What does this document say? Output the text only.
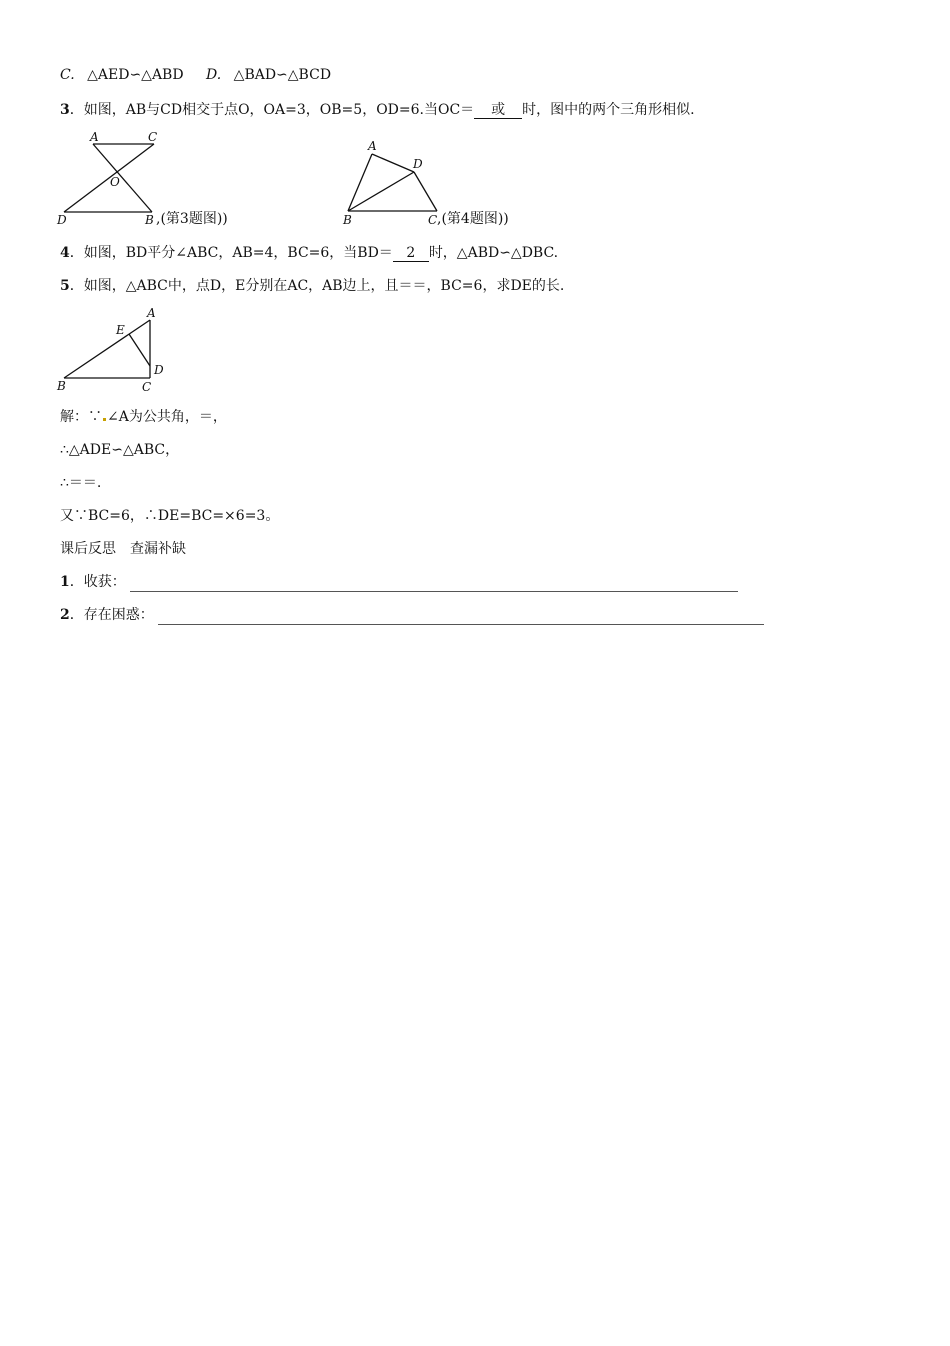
C. △AED∽△ABD D. △BAD∽△BCD
3．如图，AB与CD相交于点O，OA=3，OB=5，OD=6.当OC＝ 或 时，图中的两个三角形相似.
A	C
O
D	B ,(第3题图))
A
D
B	C ,(第4题图))
4．如图，BD平分∠ABC，AB=4，BC=6，当BD＝ 2 时，△ABD∽△DBC.
5．如图，△ABC中，点D，E分别在AC，AB边上，且＝＝，BC=6，求DE的长.
E
A
D
B	C
解：∵ ∠A为公共角，＝，
∴△ADE∽△ABC，
∴＝＝.
又∵BC=6，∴DE=BC=×6=3。
课后反思　查漏补缺
1．收获：
2．存在困惑：
